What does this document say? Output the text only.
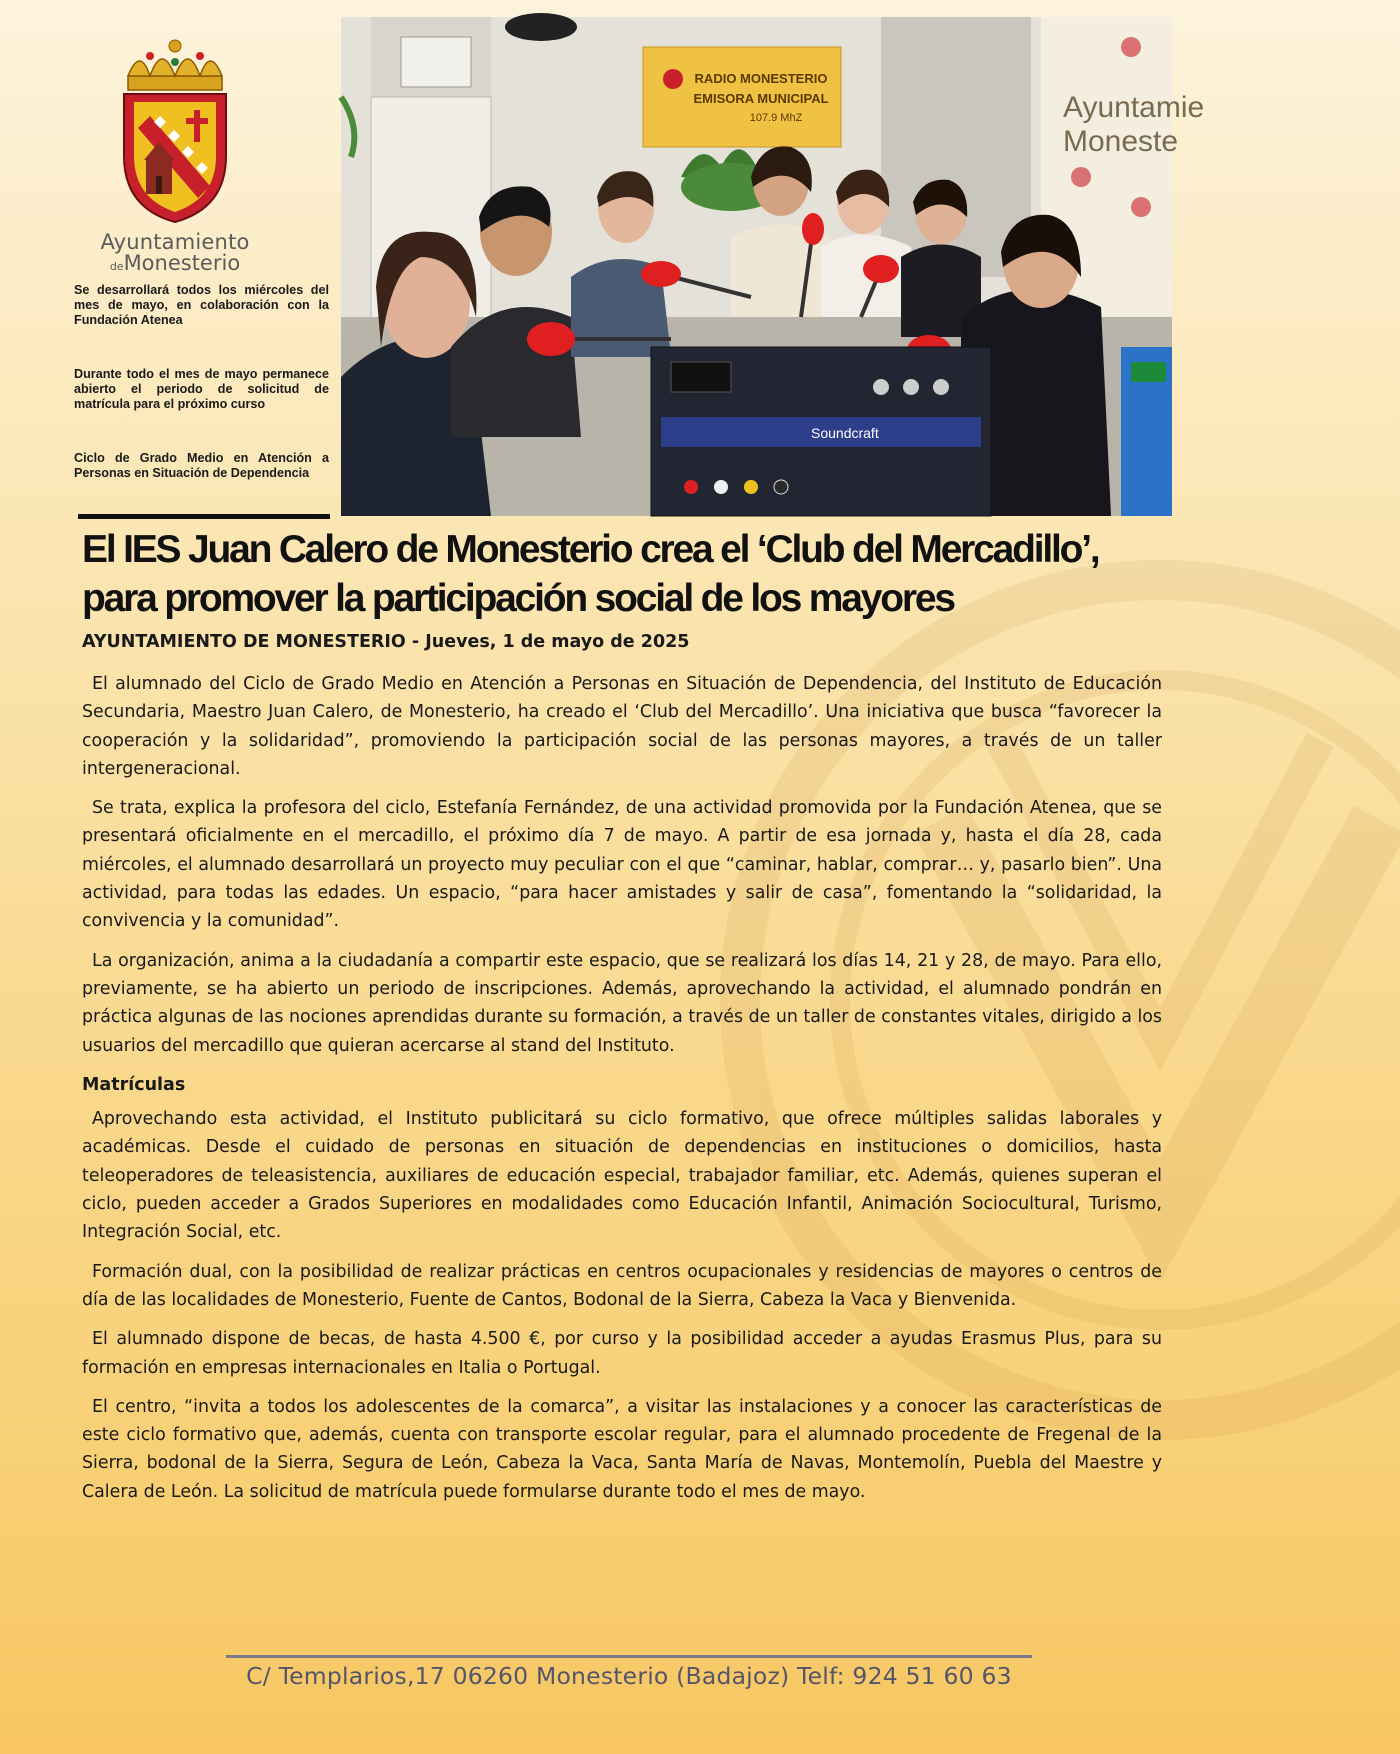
Ayuntamiento
deMonesterio
Se desarrollará todos los miércoles del mes de mayo, en colaboración con la Fundación Atenea
Durante todo el mes de mayo permanece abierto el periodo de solicitud de matrícula para el próximo curso
Ciclo de Grado Medio en Atención a Personas en Situación de Dependencia
RADIO MONESTERIO
EMISORA MUNICIPAL
107.9 MhZ	Ayuntamie
Moneste
Soundcraft
El IES Juan Calero de Monesterio crea el ‘Club del Mercadillo’, para promover la participación social de los mayores
AYUNTAMIENTO DE MONESTERIO - Jueves, 1 de mayo de 2025

El alumnado del Ciclo de Grado Medio en Atención a Personas en Situación de Dependencia, del Instituto de Educación Secundaria, Maestro Juan Calero, de Monesterio, ha creado el ‘Club del Mercadillo’. Una iniciativa que busca “favorecer la cooperación y la solidaridad”, promoviendo la participación social de las personas mayores, a través de un taller intergeneracional.

Se trata, explica la profesora del ciclo, Estefanía Fernández, de una actividad promovida por la Fundación Atenea, que se presentará oficialmente en el mercadillo, el próximo día 7 de mayo. A partir de esa jornada y, hasta el día 28, cada miércoles, el alumnado desarrollará un proyecto muy peculiar con el que “caminar, hablar, comprar… y, pasarlo bien”. Una actividad, para todas las edades. Un espacio, “para hacer amistades y salir de casa”, fomentando la “solidaridad, la convivencia y la comunidad”.

La organización, anima a la ciudadanía a compartir este espacio, que se realizará los días 14, 21 y 28, de mayo. Para ello, previamente, se ha abierto un periodo de inscripciones. Además, aprovechando la actividad, el alumnado pondrán en práctica algunas de las nociones aprendidas durante su formación, a través de un taller de constantes vitales, dirigido a los usuarios del mercadillo que quieran acercarse al stand del Instituto.

Matrículas

Aprovechando esta actividad, el Instituto publicitará su ciclo formativo, que ofrece múltiples salidas laborales y académicas. Desde el cuidado de personas en situación de dependencias en instituciones o domicilios, hasta teleoperadores de teleasistencia, auxiliares de educación especial, trabajador familiar, etc. Además, quienes superan el ciclo, pueden acceder a Grados Superiores en modalidades como Educación Infantil, Animación Sociocultural, Turismo, Integración Social, etc.

Formación dual, con la posibilidad de realizar prácticas en centros ocupacionales y residencias de mayores o centros de día de las localidades de Monesterio, Fuente de Cantos, Bodonal de la Sierra, Cabeza la Vaca y Bienvenida.

El alumnado dispone de becas, de hasta 4.500 €, por curso y la posibilidad acceder a ayudas Erasmus Plus, para su formación en empresas internacionales en Italia o Portugal.

El centro, “invita a todos los adolescentes de la comarca”, a visitar las instalaciones y a conocer las características de este ciclo formativo que, además, cuenta con transporte escolar regular, para el alumnado procedente de Fregenal de la Sierra, bodonal de la Sierra, Segura de León, Cabeza la Vaca, Santa María de Navas, Montemolín, Puebla del Maestre y Calera de León. La solicitud de matrícula puede formularse durante todo el mes de mayo.

C/ Templarios,17 06260 Monesterio (Badajoz) Telf: 924 51 60 63
